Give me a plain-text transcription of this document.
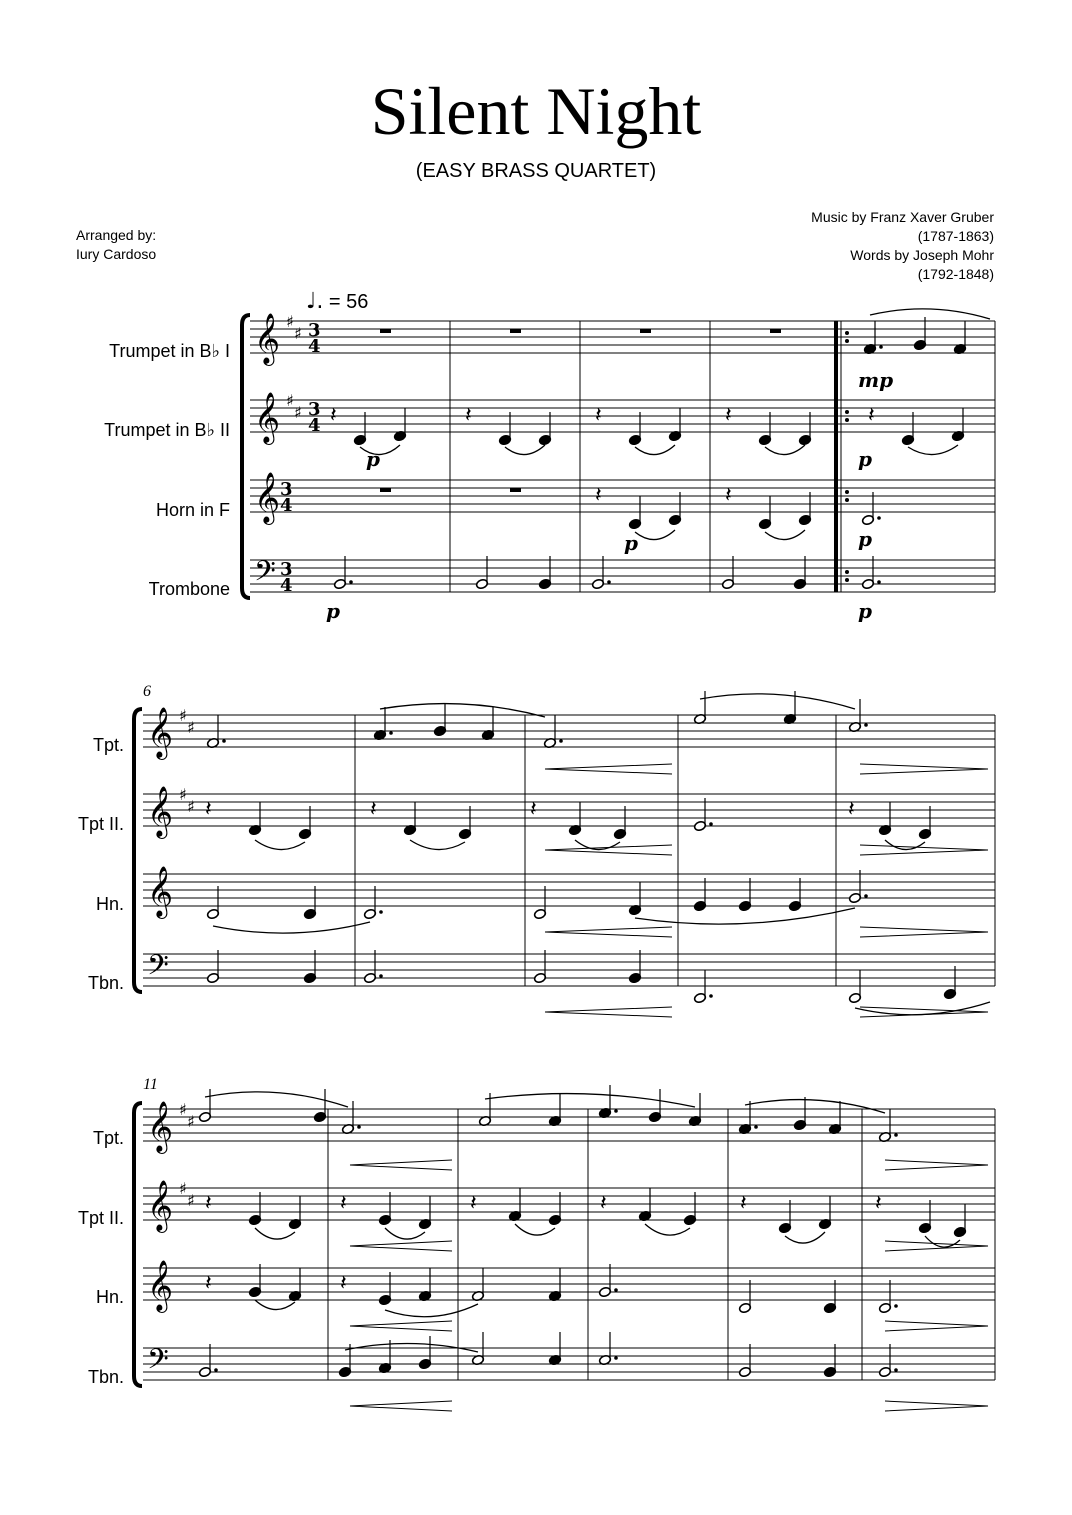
Silent Night
(EASY BRASS QUARTET)
Arranged by:
Iury Cardoso
Music by Franz Xaver Gruber
(1787-1863)
Words by Joseph Mohr
(1792-1848)
♩. = 56
Trumpet in B♭ I
Trumpet in B♭ II
Horn in F
Trombone
6
Tpt.
Tpt II.
Hn.
Tbn.
11
Tpt.
Tpt II.
Hn.
Tbn.
𝄞 ♯
♯ 3
4
𝄞 ♯
♯ 3
4
𝄞 3
4
𝄢 3
4
mp
𝄽	𝄽	𝄽	𝄽	𝄽
p	p
𝄽	𝄽
p	p
p	p
𝄞 ♯
♯
𝄞 ♯
♯
𝄞
𝄢
𝄽	𝄽	𝄽	𝄽
𝄞 ♯
♯
𝄞 ♯
♯
𝄞
𝄢
𝄽	𝄽	𝄽	𝄽	𝄽	𝄽
𝄽	𝄽
